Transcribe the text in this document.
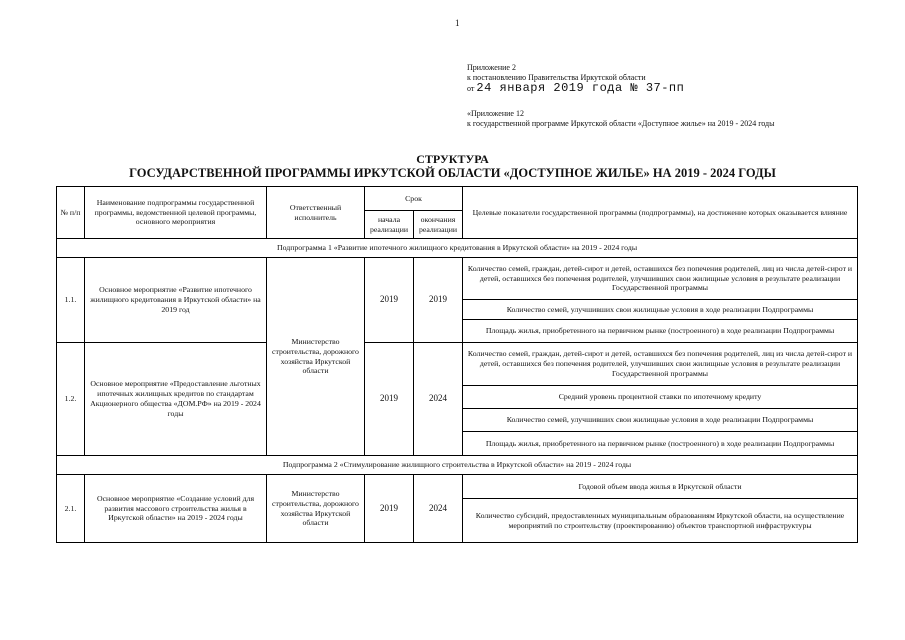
1
Приложение 2
к постановлению Правительства Иркутской области
от 24 января 2019 года № 37-пп
«Приложение 12
к государственной программе Иркутской области «Доступное жилье» на 2019 - 2024 годы
СТРУКТУРА
ГОСУДАРСТВЕННОЙ ПРОГРАММЫ ИРКУТСКОЙ ОБЛАСТИ «ДОСТУПНОЕ ЖИЛЬЕ» НА 2019 - 2024 ГОДЫ
№ п/п	Наименование подпрограммы государственной программы, ведомственной целевой программы, основного мероприятия	Ответственный исполнитель	Срок		Целевые показатели государственной программы (подпрограммы), на достижение которых оказывается влияние
			начала реализации	окончания реализации	
Подпрограмма 1 «Развитие ипотечного жилищного кредитования в Иркутской области» на 2019 - 2024 годы					
1.1.	Основное мероприятие «Развитие ипотечного жилищного кредитования в Иркутской области» на 2019 год	Министерство строительства, дорожного хозяйства Иркутской области	2019	2019	Количество семей, граждан, детей-сирот и детей, оставшихся без попечения родителей, лиц из числа детей-сирот и детей, оставшихся без попечения родителей, улучшивших свои жилищные условия в результате реализации Государственной программы
					Количество семей, улучшивших свои жилищные условия в ходе реализации Подпрограммы
					Площадь жилья, приобретенного на первичном рынке (построенного) в ходе реализации Подпрограммы
1.2.	Основное мероприятие «Предоставление льготных ипотечных жилищных кредитов по стандартам Акционерного общества «ДОМ.РФ» на 2019 - 2024 годы		2019	2024	Количество семей, граждан, детей-сирот и детей, оставшихся без попечения родителей, лиц из числа детей-сирот и детей, оставшихся без попечения родителей, улучшивших свои жилищные условия в результате реализации Государственной программы
					Средний уровень процентной ставки по ипотечному кредиту
					Количество семей, улучшивших свои жилищные условия в ходе реализации Подпрограммы
					Площадь жилья, приобретенного на первичном рынке (построенного) в ходе реализации Подпрограммы
Подпрограмма 2 «Стимулирование жилищного строительства в Иркутской области» на 2019 - 2024 годы					
2.1.	Основное мероприятие «Создание условий для развития массового строительства жилья в Иркутской области» на 2019 - 2024 годы	Министерство строительства, дорожного хозяйства Иркутской области	2019	2024	Годовой объем ввода жилья в Иркутской области
					Количество субсидий, предоставленных муниципальным образованиям Иркутской области, на осуществление мероприятий по строительству (проектированию) объектов транспортной инфраструктуры
